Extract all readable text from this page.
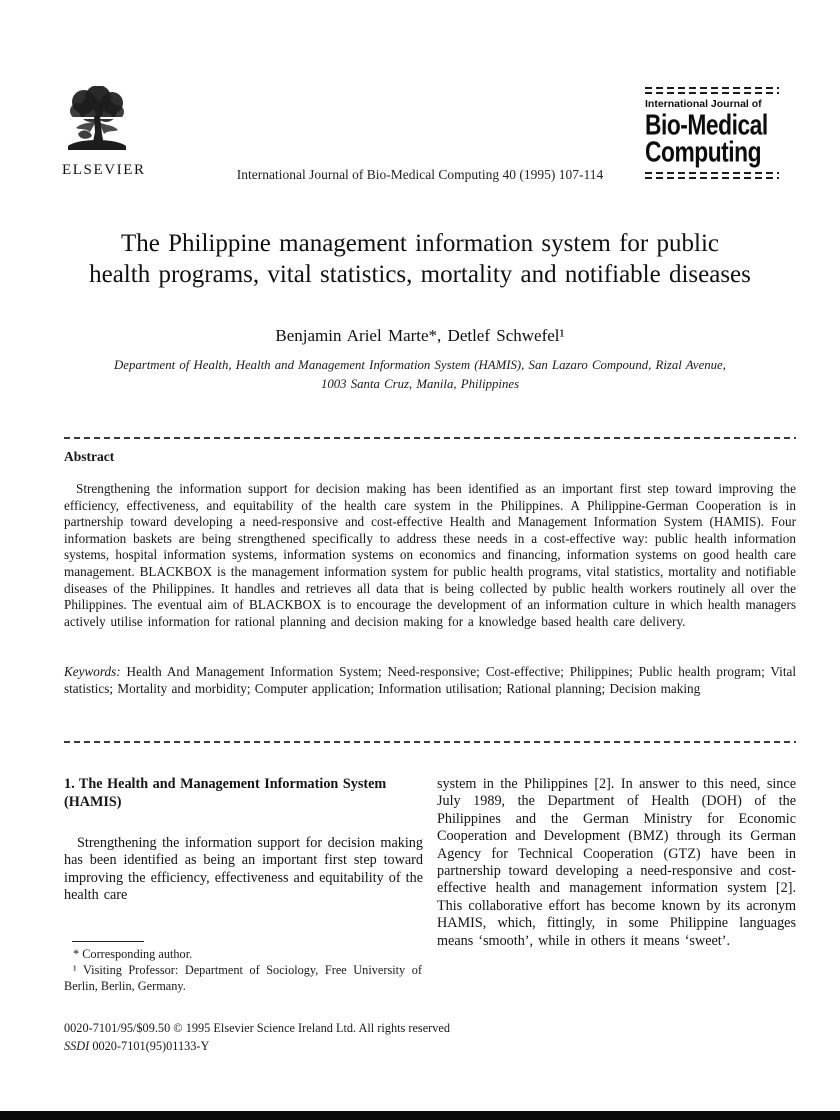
ELSEVIER	International Journal of Bio-Medical Computing 40 (1995) 107-114
International Journal of
Bio-Medical
Computing
The Philippine management information system for public
health programs, vital statistics, mortality and notifiable diseases
Benjamin Ariel Marte*, Detlef Schwefel¹
Department of Health, Health and Management Information System (HAMIS), San Lazaro Compound, Rizal Avenue,
1003 Santa Cruz, Manila, Philippines
Abstract
Strengthening the information support for decision making has been identified as an important first step toward improving the efficiency, effectiveness, and equitability of the health care system in the Philippines. A Philippine-German Cooperation is in partnership toward developing a need-responsive and cost-effective Health and Management Information System (HAMIS). Four information baskets are being strengthened specifically to address these needs in a cost-effective way: public health information systems, hospital information systems, information systems on economics and financing, information systems on good health care management. BLACKBOX is the management information system for public health programs, vital statistics, mortality and notifiable diseases of the Philippines. It handles and retrieves all data that is being collected by public health workers routinely all over the Philippines. The eventual aim of BLACKBOX is to encourage the development of an information culture in which health managers actively utilise information for rational planning and decision making for a knowledge based health care delivery.
Keywords: Health And Management Information System; Need-responsive; Cost-effective; Philippines; Public health program; Vital statistics; Mortality and morbidity; Computer application; Information utilisation; Rational planning; Decision making
1. The Health and Management Information System (HAMIS)

Strengthening the information support for decision making has been identified as being an important first step toward improving the efficiency, effectiveness and equitability of the health care

system in the Philippines [2]. In answer to this need, since July 1989, the Department of Health (DOH) of the Philippines and the German Ministry for Economic Cooperation and Development (BMZ) through its German Agency for Technical Cooperation (GTZ) have been in partnership toward developing a need-responsive and cost-effective health and management information system [2]. This collaborative effort has become known by its acronym HAMIS, which, fittingly, in some Philippine languages means ‘smooth’, while in others it means ‘sweet’.

* Corresponding author.

¹ Visiting Professor: Department of Sociology, Free University of Berlin, Berlin, Germany.

0020-7101/95/$09.50 © 1995 Elsevier Science Ireland Ltd. All rights reserved
SSDI 0020-7101(95)01133-Y
